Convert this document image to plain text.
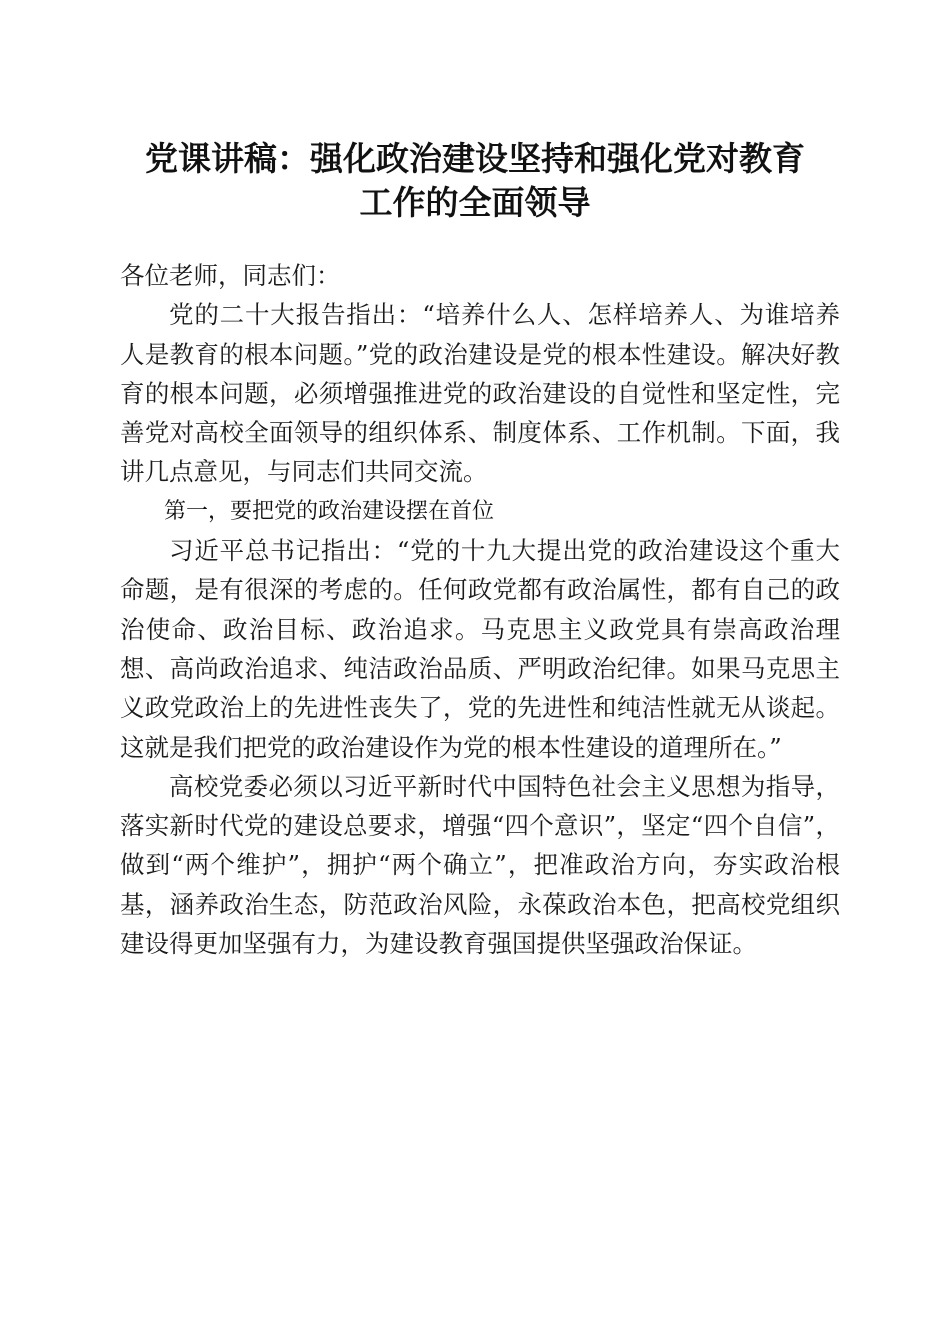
党课讲稿：强化政治建设坚持和强化党对教育
工作的全面领导

各位老师，同志们：

党的二十大报告指出：“培养什么人、怎样培养人、为谁培养人是教育的根本问题。”党的政治建设是党的根本性建设。解决好教育的根本问题，必须增强推进党的政治建设的自觉性和坚定性，完善党对高校全面领导的组织体系、制度体系、工作机制。下面，我讲几点意见，与同志们共同交流。

第一，要把党的政治建设摆在首位

习近平总书记指出：“党的十九大提出党的政治建设这个重大命题，是有很深的考虑的。任何政党都有政治属性，都有自己的政治使命、政治目标、政治追求。马克思主义政党具有崇高政治理想、高尚政治追求、纯洁政治品质、严明政治纪律。如果马克思主义政党政治上的先进性丧失了，党的先进性和纯洁性就无从谈起。这就是我们把党的政治建设作为党的根本性建设的道理所在。”

高校党委必须以习近平新时代中国特色社会主义思想为指导，落实新时代党的建设总要求，增强“四个意识”，坚定“四个自信”，做到“两个维护”，拥护“两个确立”，把准政治方向，夯实政治根基，涵养政治生态，防范政治风险，永葆政治本色，把高校党组织建设得更加坚强有力，为建设教育强国提供坚强政治保证。
